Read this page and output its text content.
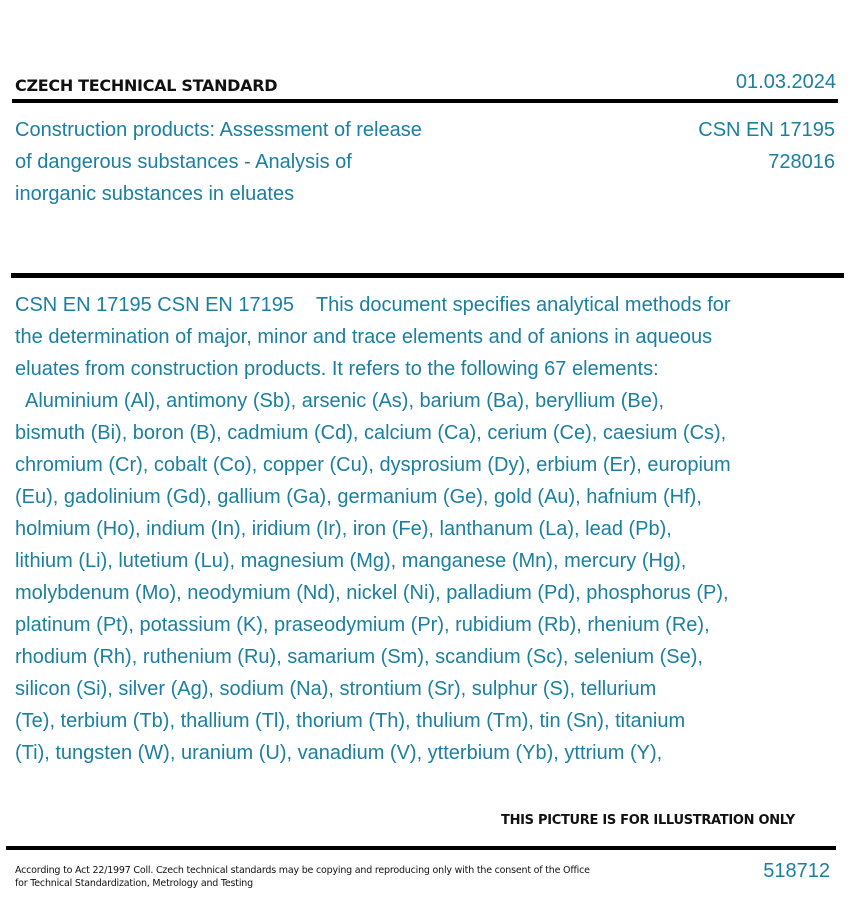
CZECH TECHNICAL STANDARD	01.03.2024
Construction products: Assessment of release
of dangerous substances - Analysis of
inorganic substances in eluates
CSN EN 17195
728016
CSN EN 17195 CSN EN 17195    This document specifies analytical methods for
the determination of major, minor and trace elements and of anions in aqueous
eluates from construction products. It refers to the following 67 elements:
Aluminium (Al), antimony (Sb), arsenic (As), barium (Ba), beryllium (Be),
bismuth (Bi), boron (B), cadmium (Cd), calcium (Ca), cerium (Ce), caesium (Cs),
chromium (Cr), cobalt (Co), copper (Cu), dysprosium (Dy), erbium (Er), europium
(Eu), gadolinium (Gd), gallium (Ga), germanium (Ge), gold (Au), hafnium (Hf),
holmium (Ho), indium (In), iridium (Ir), iron (Fe), lanthanum (La), lead (Pb),
lithium (Li), lutetium (Lu), magnesium (Mg), manganese (Mn), mercury (Hg),
molybdenum (Mo), neodymium (Nd), nickel (Ni), palladium (Pd), phosphorus (P),
platinum (Pt), potassium (K), praseodymium (Pr), rubidium (Rb), rhenium (Re),
rhodium (Rh), ruthenium (Ru), samarium (Sm), scandium (Sc), selenium (Se),
silicon (Si), silver (Ag), sodium (Na), strontium (Sr), sulphur (S), tellurium
(Te), terbium (Tb), thallium (Tl), thorium (Th), thulium (Tm), tin (Sn), titanium
(Ti), tungsten (W), uranium (U), vanadium (V), ytterbium (Yb), yttrium (Y),
THIS PICTURE IS FOR ILLUSTRATION ONLY
According to Act 22/1997 Coll. Czech technical standards may be copying and reproducing only with the consent of the Office
for Technical Standardization, Metrology and Testing
518712
